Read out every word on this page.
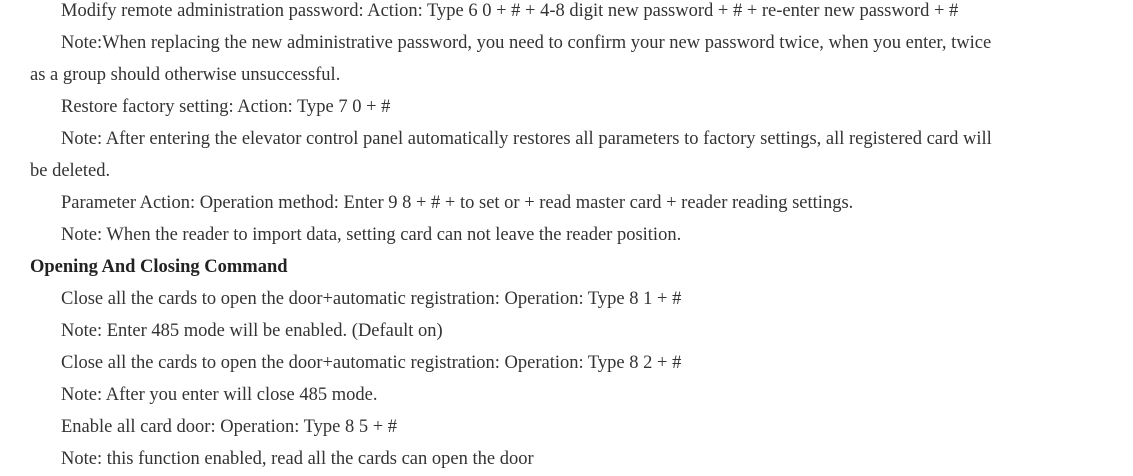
Modify remote administration password: Action: Type 6 0 + # + 4-8 digit new password + # + re-enter new password + #
Note:When replacing the new administrative password, you need to confirm your new password twice, when you enter, twice
as a group should otherwise unsuccessful.
Restore factory setting: Action: Type 7 0 + #
Note: After entering the elevator control panel automatically restores all parameters to factory settings, all registered card will
be deleted.
Parameter Action: Operation method: Enter 9 8 + # + to set or + read master card + reader reading settings.
Note: When the reader to import data, setting card can not leave the reader position.
Opening And Closing Command
Close all the cards to open the door+automatic registration: Operation: Type 8 1 + #
Note: Enter 485 mode will be enabled. (Default on)
Close all the cards to open the door+automatic registration: Operation: Type 8 2 + #
Note: After you enter will close 485 mode.
Enable all card door: Operation: Type 8 5 + #
Note: this function enabled, read all the cards can open the door
